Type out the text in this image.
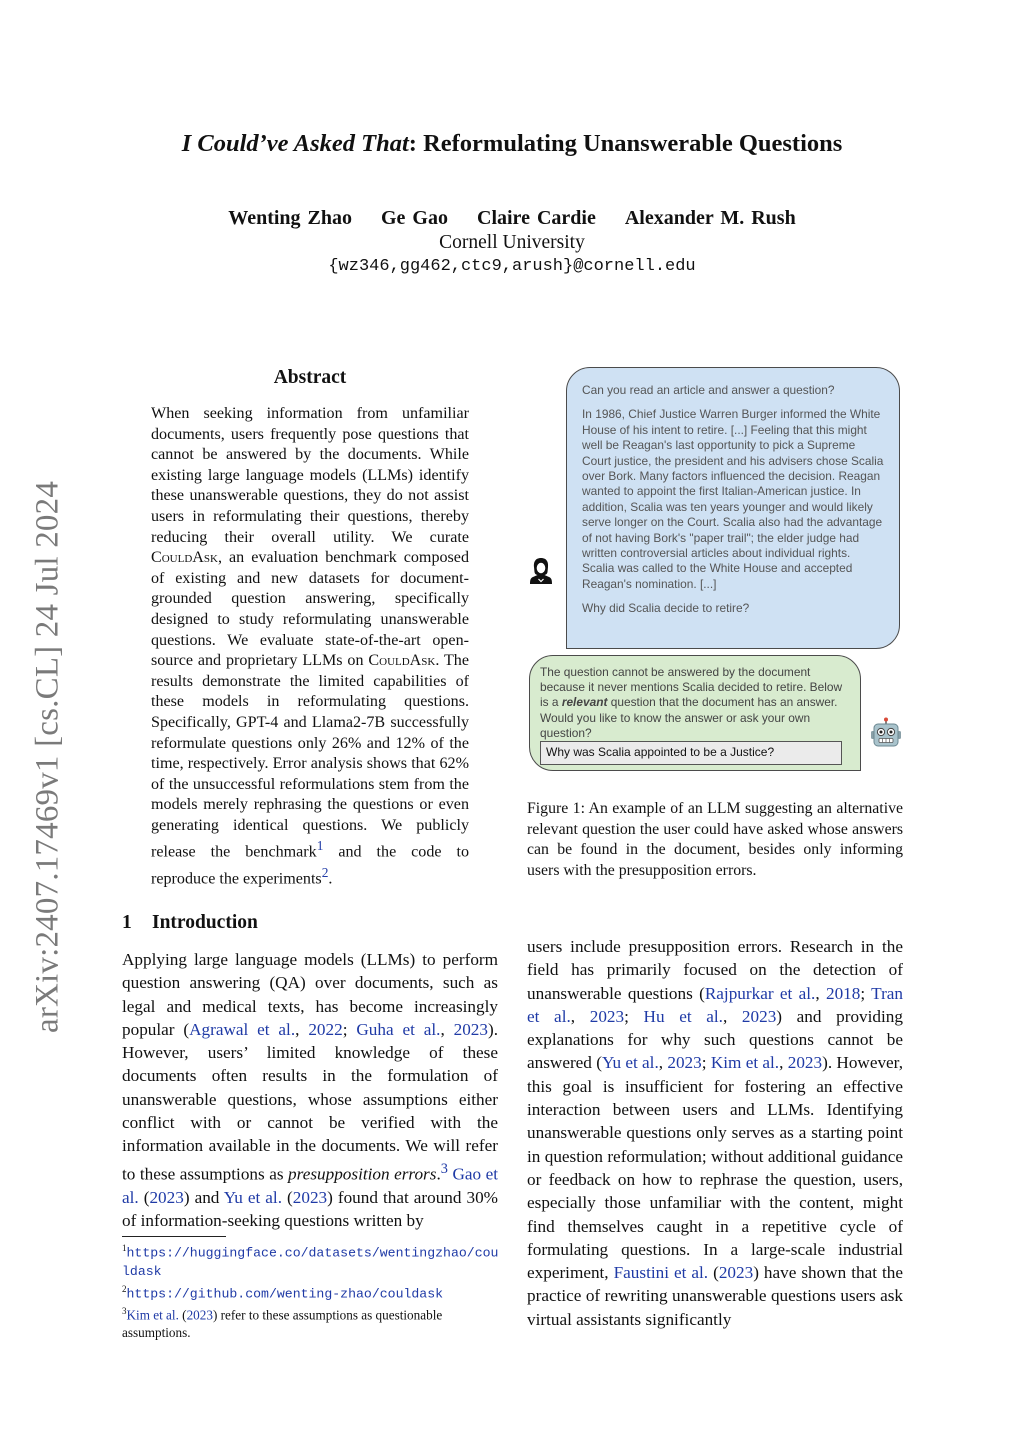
arXiv:2407.17469v1 [cs.CL] 24 Jul 2024
I Could’ve Asked That: Reformulating Unanswerable Questions
Wenting Zhao Ge Gao Claire Cardie Alexander M. Rush
Cornell University
{wz346,gg462,ctc9,arush}@cornell.edu
Abstract
When seeking information from unfamiliar documents, users frequently pose questions that cannot be answered by the documents. While existing large language models (LLMs) identify these unanswerable questions, they do not assist users in reformulating their questions, thereby reducing their overall utility. We curate CouldAsk, an evaluation benchmark composed of existing and new datasets for document-grounded question answering, specifically designed to study reformulating unanswerable questions. We evaluate state-of-the-art open-source and proprietary LLMs on CouldAsk. The results demonstrate the limited capabilities of these models in reformulating questions. Specifically, GPT-4 and Llama2-7B successfully reformulate questions only 26% and 12% of the time, respectively. Error analysis shows that 62% of the unsuccessful reformulations stem from the models merely rephrasing the questions or even generating identical questions. We publicly release the benchmark$^1$ and the code to reproduce the experiments$^2$.
1 Introduction
Applying large language models (LLMs) to perform question answering (QA) over documents, such as legal and medical texts, has become increasingly popular (Agrawal et al., 2022; Guha et al., 2023). However, users’ limited knowledge of these documents often results in the formulation of unanswerable questions, whose assumptions either conflict with or cannot be verified with the information available in the documents. We will refer to these assumptions as presupposition errors.$^3$ Gao et al. (2023) and Yu et al. (2023) found that around 30% of information-seeking questions written by
$^1$https://huggingface.co/datasets/wentingzhao/couldask
$^2$https://github.com/wenting-zhao/couldask
$^3$Kim et al. (2023) refer to these assumptions as questionable assumptions.

Can you read an article and answer a question?

In 1986, Chief Justice Warren Burger informed the White House of his intent to retire. [...] Feeling that this might well be Reagan's last opportunity to pick a Supreme Court justice, the president and his advisers chose Scalia over Bork. Many factors influenced the decision. Reagan wanted to appoint the first Italian-American justice. In addition, Scalia was ten years younger and would likely serve longer on the Court. Scalia also had the advantage of not having Bork's "paper trail"; the elder judge had written controversial articles about individual rights. Scalia was called to the White House and accepted Reagan's nomination. [...]

Why did Scalia decide to retire?

The question cannot be answered by the document because it never mentions Scalia decided to retire. Below is a relevant question that the document has an answer. Would you like to know the answer or ask your own question?
Why was Scalia appointed to be a Justice?
Figure 1: An example of an LLM suggesting an alternative relevant question the user could have asked whose answers can be found in the document, besides only informing users with the presupposition errors.
users include presupposition errors. Research in the field has primarily focused on the detection of unanswerable questions (Rajpurkar et al., 2018; Tran et al., 2023; Hu et al., 2023) and providing explanations for why such questions cannot be answered (Yu et al., 2023; Kim et al., 2023). However, this goal is insufficient for fostering an effective interaction between users and LLMs. Identifying unanswerable questions only serves as a starting point in question reformulation; without additional guidance or feedback on how to rephrase the question, users, especially those unfamiliar with the content, might find themselves caught in a repetitive cycle of formulating questions. In a large-scale industrial experiment, Faustini et al. (2023) have shown that the practice of rewriting unanswerable questions users ask virtual assistants significantly
